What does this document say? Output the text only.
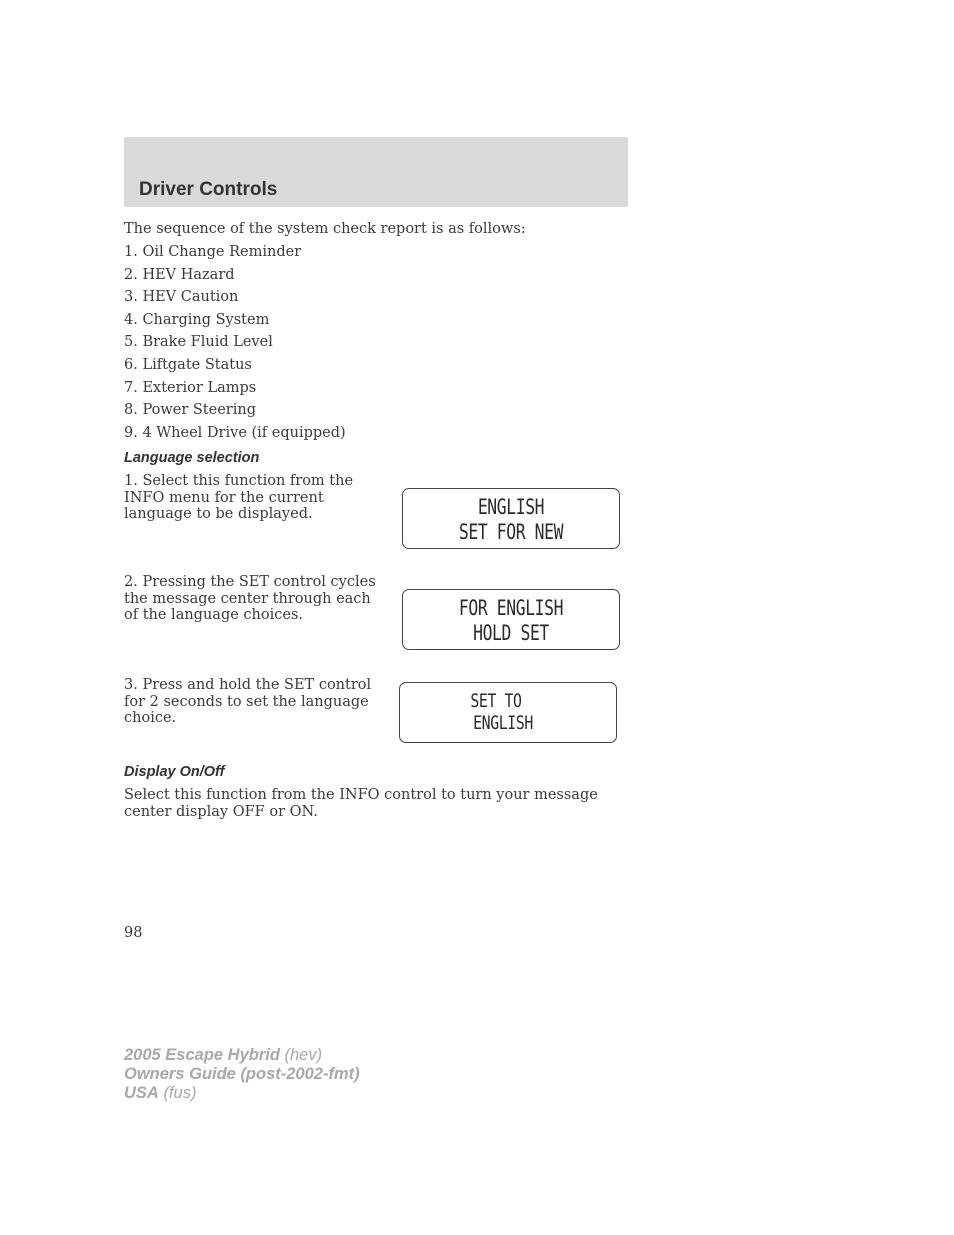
Driver Controls
The sequence of the system check report is as follows:
1. Oil Change Reminder
2. HEV Hazard
3. HEV Caution
4. Charging System
5. Brake Fluid Level
6. Liftgate Status
7. Exterior Lamps
8. Power Steering
9. 4 Wheel Drive (if equipped)
Language selection
1. Select this function from the INFO menu for the current language to be displayed.	ENGLISH
SET FOR NEW
2. Pressing the SET control cycles the message center through each of the language choices.	FOR ENGLISH
HOLD SET
3. Press and hold the SET control for 2 seconds to set the language choice.
SET TO
ENGLISH
Display On/Off
Select this function from the INFO control to turn your message center display OFF or ON.
98
2005 Escape Hybrid (hev)
Owners Guide (post-2002-fmt)
USA (fus)
